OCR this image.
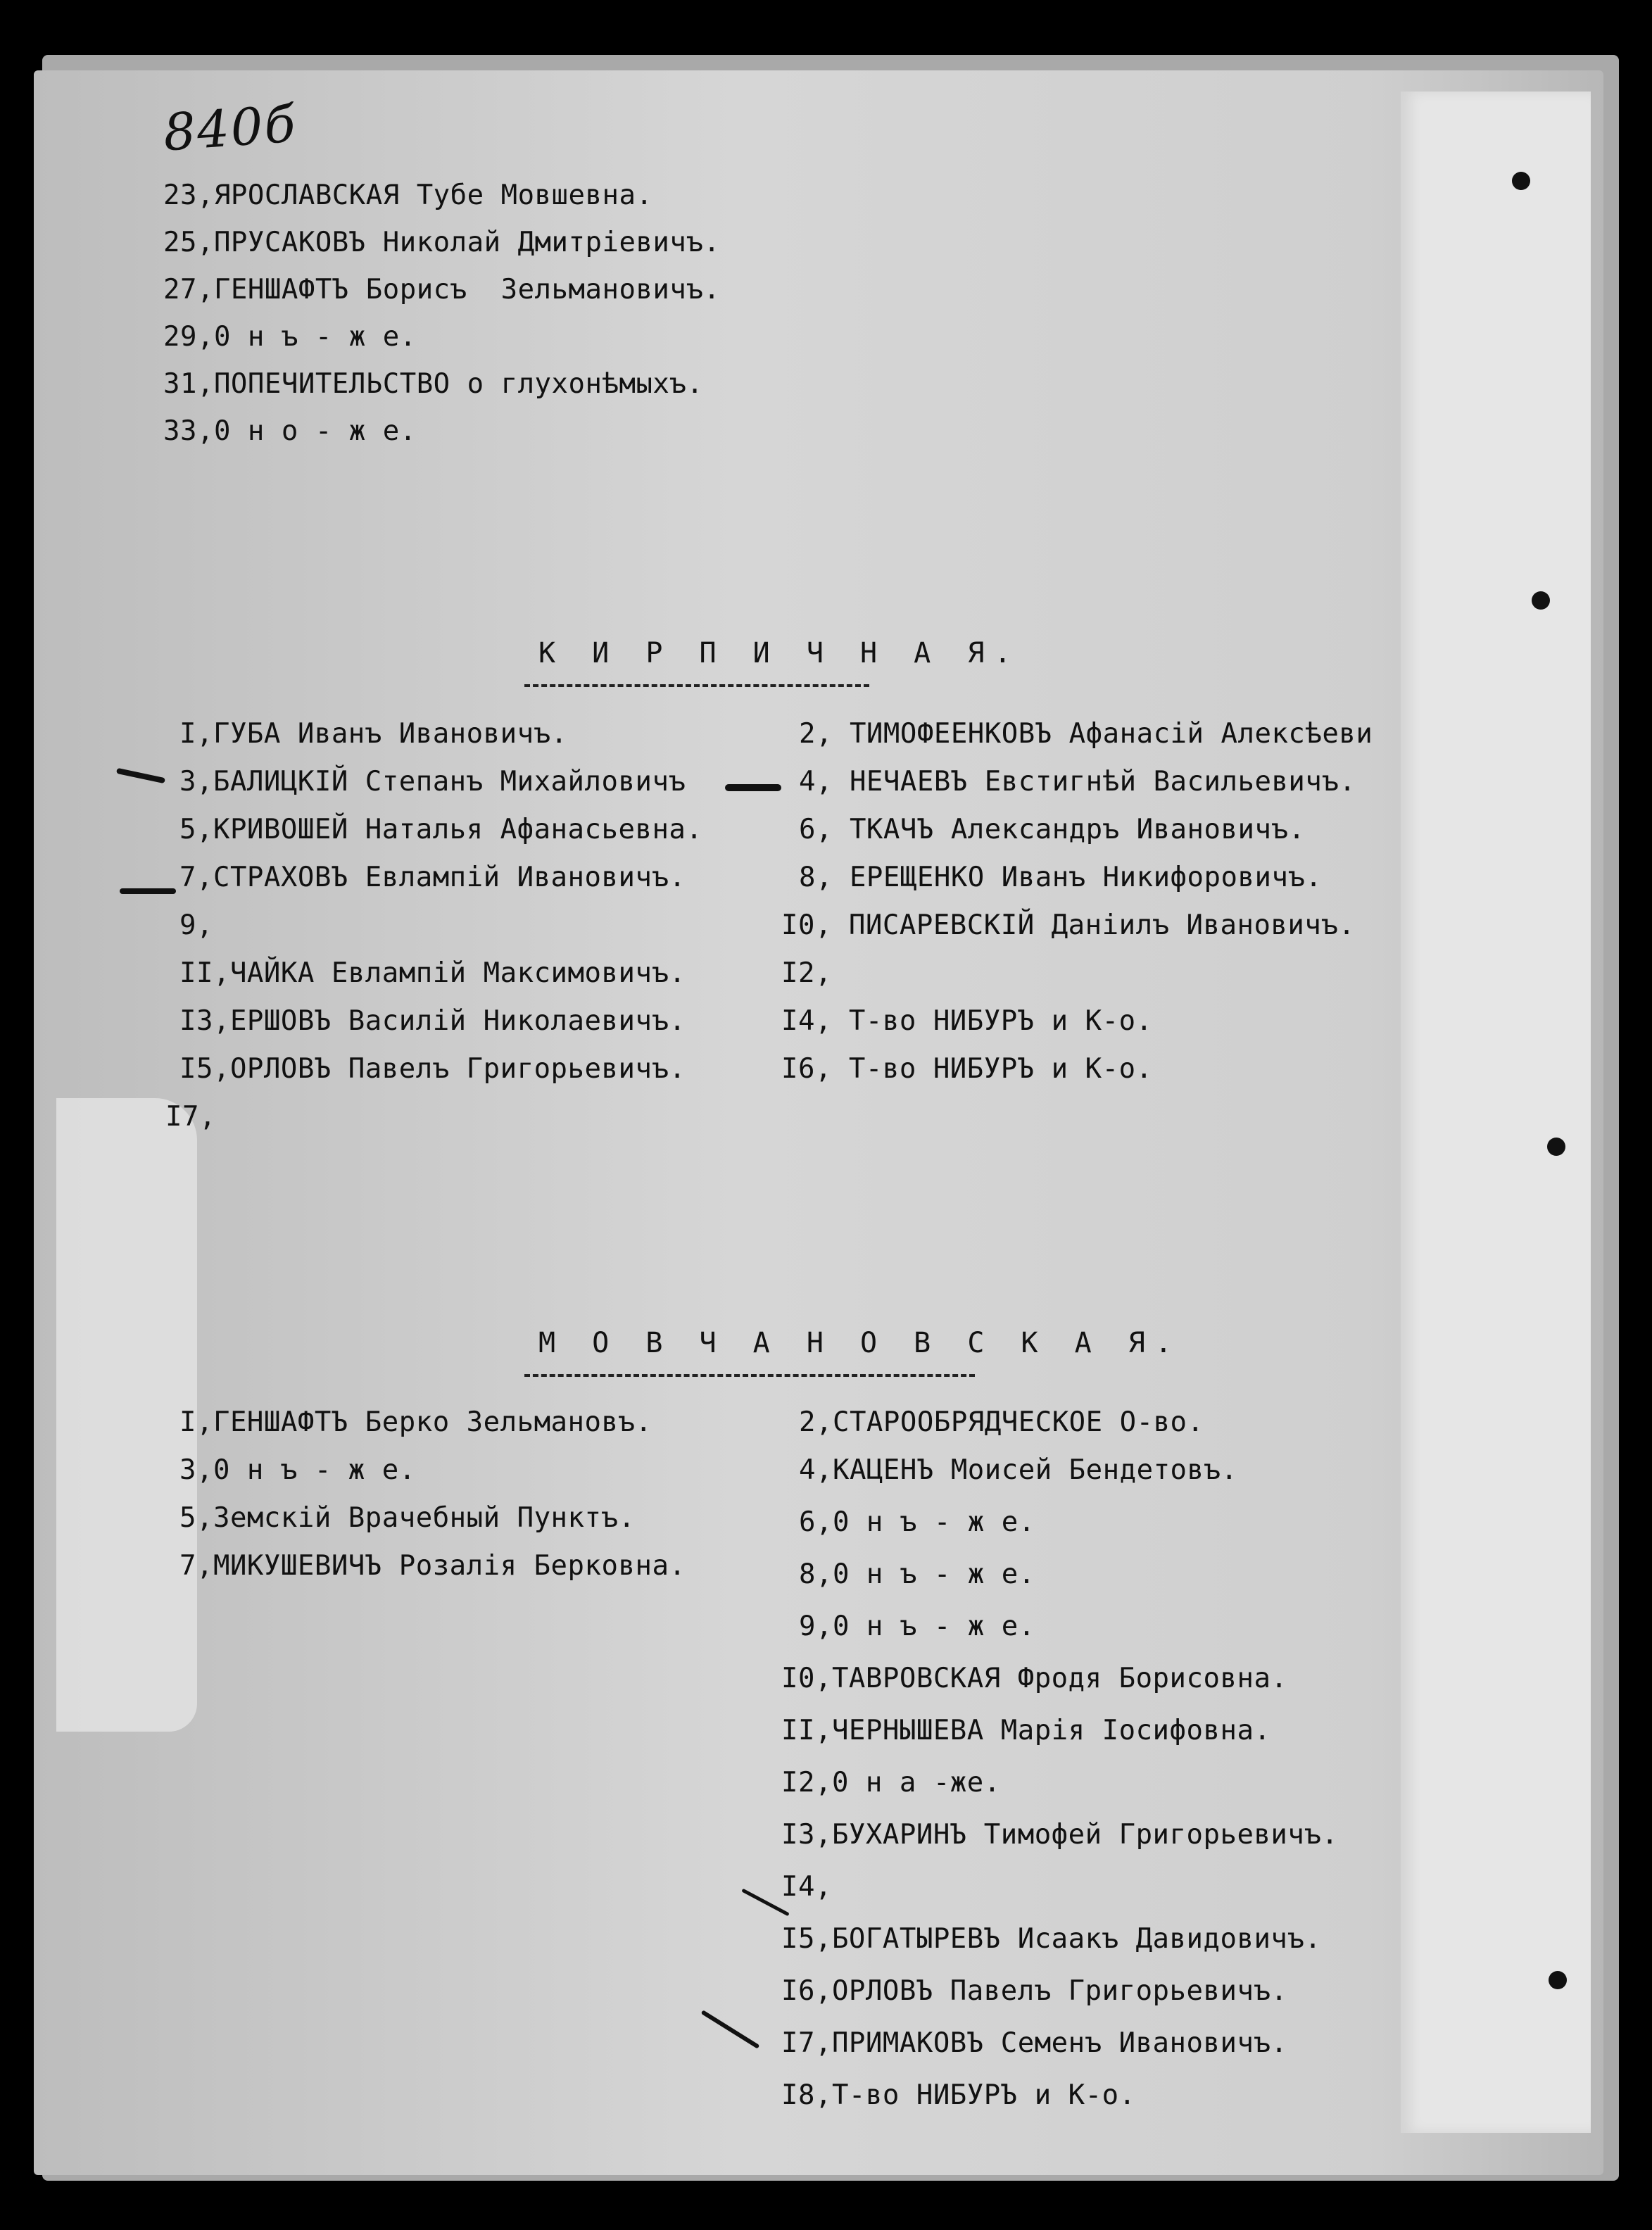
840б
23,ЯРОСЛАВСКАЯ Тубе Мовшевна.
25,ПРУСАКОВЪ Николай Дмитріевичъ.
27,ГЕНШАФТЪ Борисъ  Зельмановичъ.
29,0 н ъ - ж е.
31,ПОПЕЧИТЕЛЬСТВО о глухонѣмыхъ.
33,0 н о - ж е.
К И Р П И Ч Н А Я.
I,ГУБА Иванъ Ивановичъ.
3,БАЛИЦКІЙ Степанъ Михайловичъ
5,КРИВОШЕЙ Наталья Афанасьевна.
7,СТРАХОВЪ Евлампій Ивановичъ.
9,
II,ЧАЙКА Евлампій Максимовичъ.
I3,ЕРШОВЪ Василій Николаевичъ.
I5,ОРЛОВЪ Павелъ Григорьевичъ.
I7,
2, ТИМОФЕЕНКОВЪ Афанасій Алексѣеви
4, НЕЧАЕВЪ Евстигнѣй Васильевичъ.
6, ТКАЧЪ Александръ Ивановичъ.
8, ЕРЕЩЕНКО Иванъ Никифоровичъ.
I0, ПИСАРЕВСКІЙ Даніилъ Ивановичъ.
I2,
I4, Т-во НИБУРЪ и К-о.
I6, Т-во НИБУРЪ и К-о.
М О В Ч А Н О В С К А Я.
I,ГЕНШАФТЪ Берко Зельмановъ.
3,0 н ъ - ж е.
5,Земскій Врачебный Пунктъ.
7,МИКУШЕВИЧЪ Розалія Берковна.
2,СТАРООБРЯДЧЕСКОЕ О-во.
4,КАЦЕНЪ Моисей Бендетовъ.
6,0 н ъ - ж е.
8,0 н ъ - ж е.
9,0 н ъ - ж е.
I0,ТАВРОВСКАЯ Фродя Борисовна.
II,ЧЕРНЫШЕВА Марія Іосифовна.
I2,0 н а -же.
I3,БУХАРИНЪ Тимофей Григорьевичъ.
I4,
I5,БОГАТЫРЕВЪ Исаакъ Давидовичъ.
I6,ОРЛОВЪ Павелъ Григорьевичъ.
I7,ПРИМАКОВЪ Семенъ Ивановичъ.
I8,Т-во НИБУРЪ и К-о.
